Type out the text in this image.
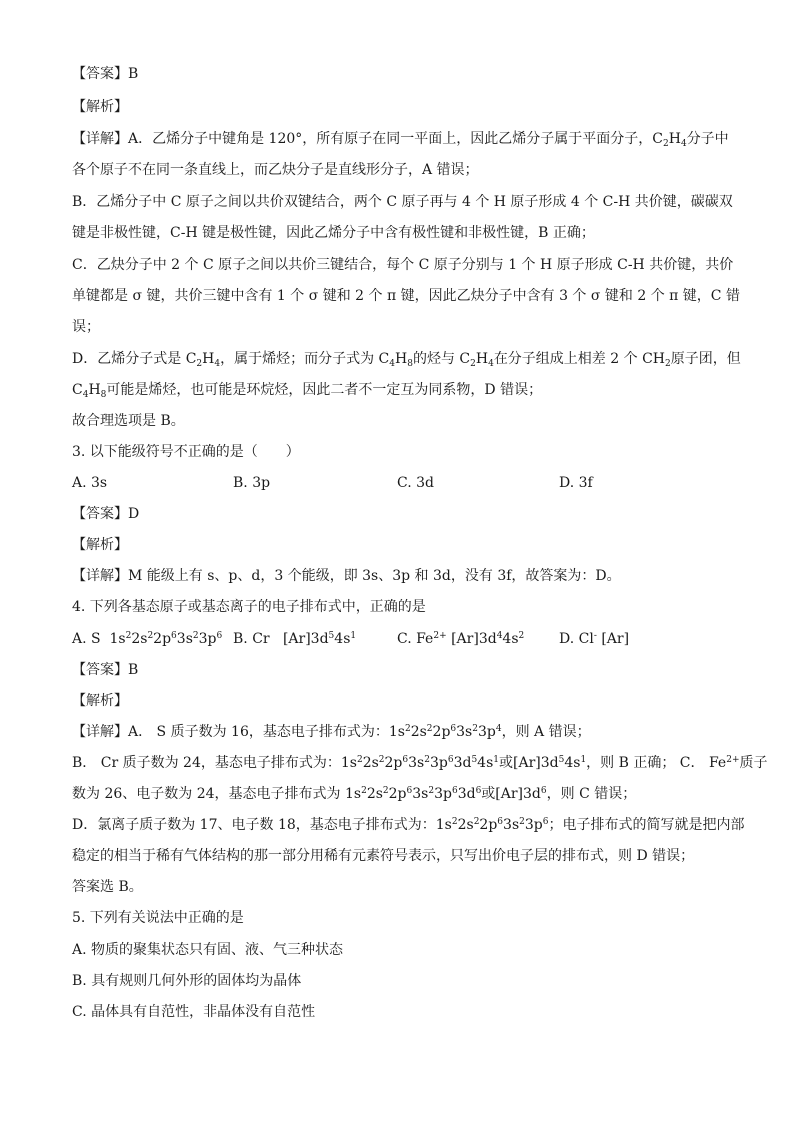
【答案】B
【解析】
【详解】A．乙烯分子中键角是 120°，所有原子在同一平面上，因此乙烯分子属于平面分子，$C_2H_4$分子中
各个原子不在同一条直线上，而乙炔分子是直线形分子，A 错误；
B．乙烯分子中 C 原子之间以共价双键结合，两个 C 原子再与 4 个 H 原子形成 4 个 C-H 共价键，碳碳双
键是非极性键，C-H 键是极性键，因此乙烯分子中含有极性键和非极性键，B 正确；
C．乙炔分子中 2 个 C 原子之间以共价三键结合，每个 C 原子分别与 1 个 H 原子形成 C-H 共价键，共价
单键都是 σ 键，共价三键中含有 1 个 σ 键和 2 个 π 键，因此乙炔分子中含有 3 个 σ 键和 2 个 π 键，C 错
误；
D．乙烯分子式是 $C_2H_4$，属于烯烃；而分子式为 $C_4H_8$的烃与 $C_2H_4$在分子组成上相差 2 个 $CH_2$原子团，但
$C_4H_8$可能是烯烃，也可能是环烷烃，因此二者不一定互为同系物，D 错误；
故合理选项是 B。
3. 以下能级符号不正确的是（　　）
A. 3s	B. 3p	C. 3d	D. 3f
【答案】D
【解析】
【详解】M 能级上有 s、p、d，3 个能级，即 3s、3p 和 3d，没有 3f，故答案为：D。
4. 下列各基态原子或基态离子的电子排布式中，正确的是
A. S  $1s^22s^22p^63s^23p^6$ B. Cr   $[Ar]3d^54s^1$	C. $Fe^{2+}$ $[Ar]3d^44s^2$ D. Cl- [Ar]
【答案】B
【解析】
【详解】A． S 质子数为 16，基态电子排布式为：$1s^22s^22p^63s^23p^4$，则 A 错误；
B． Cr 质子数为 24，基态电子排布式为：$1s^22s^22p^63s^23p^63d^54s^1$或$[Ar]3d^54s^1$，则 B 正确； C． $Fe^{2+}$质子
数为 26、电子数为 24，基态电子排布式为 $1s^22s^22p^63s^23p^63d^6$或$[Ar]3d^6$，则 C 错误；
D．氯离子质子数为 17、电子数 18，基态电子排布式为：$1s^22s^22p^63s^23p^6$；电子排布式的简写就是把内部
稳定的相当于稀有气体结构的那一部分用稀有元素符号表示，只写出价电子层的排布式，则 D 错误；
答案选 B。
5. 下列有关说法中正确的是
A. 物质的聚集状态只有固、液、气三种状态
B. 具有规则几何外形的固体均为晶体
C. 晶体具有自范性，非晶体没有自范性
